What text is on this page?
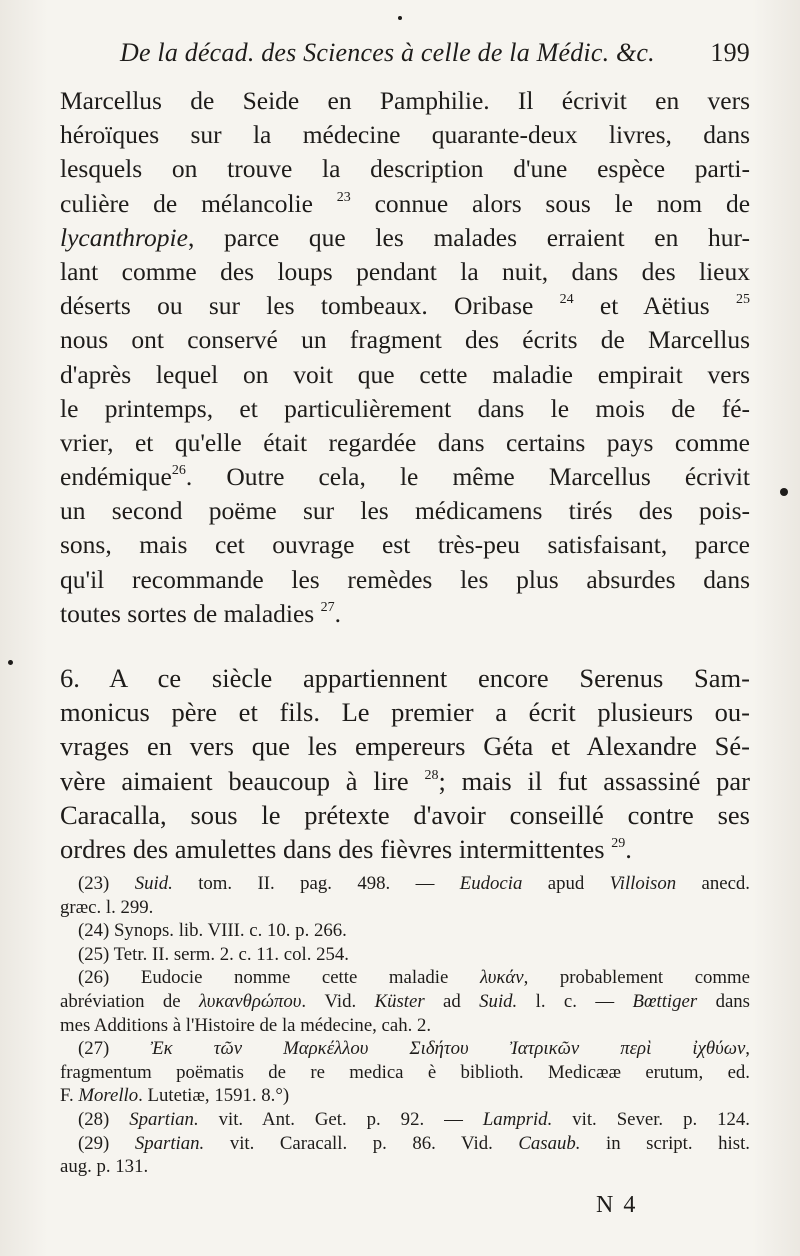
De la décad. des Sciences à celle de la Médic. &c. 199
Marcellus de Seide en Pamphilie. Il écrivit en vers
héroïques sur la médecine quarante-deux livres, dans
lesquels on trouve la description d'une espèce parti-
culière de mélancolie $^{23}$ connue alors sous le nom de
lycanthropie, parce que les malades erraient en hur-
lant comme des loups pendant la nuit, dans des lieux
déserts ou sur les tombeaux. Oribase $^{24}$ et Aëtius $^{25}$
nous ont conservé un fragment des écrits de Marcellus
d'après lequel on voit que cette maladie empirait vers
le printemps, et particulièrement dans le mois de fé-
vrier, et qu'elle était regardée dans certains pays comme
endémique$^{26}$. Outre cela, le même Marcellus écrivit
un second poëme sur les médicamens tirés des pois-
sons, mais cet ouvrage est très-peu satisfaisant, parce
qu'il recommande les remèdes les plus absurdes dans
toutes sortes de maladies $^{27}$.
6. A ce siècle appartiennent encore Serenus Sam-
monicus père et fils. Le premier a écrit plusieurs ou-
vrages en vers que les empereurs Géta et Alexandre Sé-
vère aimaient beaucoup à lire $^{28}$; mais il fut assassiné par
Caracalla, sous le prétexte d'avoir conseillé contre ses
ordres des amulettes dans des fièvres intermittentes $^{29}$.
(23) Suid. tom. II. pag. 498. — Eudocia apud Villoison anecd.
græc. l. 299.
(24) Synops. lib. VIII. c. 10. p. 266.
(25) Tetr. II. serm. 2. c. 11. col. 254.
(26) Eudocie nomme cette maladie λυκάν, probablement comme
abréviation de λυκανθρώπου. Vid. Küster ad Suid. l. c. — Bœttiger dans
mes Additions à l'Histoire de la médecine, cah. 2.
(27) Ἐκ τῶν Μαρκέλλου Σιδήτου Ἰατρικῶν περὶ ἰχθύων,
fragmentum poëmatis de re medica è biblioth. Medicææ erutum, ed.
F. Morello. Lutetiæ, 1591. 8.°)
(28) Spartian. vit. Ant. Get. p. 92. — Lamprid. vit. Sever. p. 124.
(29) Spartian. vit. Caracall. p. 86. Vid. Casaub. in script. hist.
aug. p. 131.
N 4
